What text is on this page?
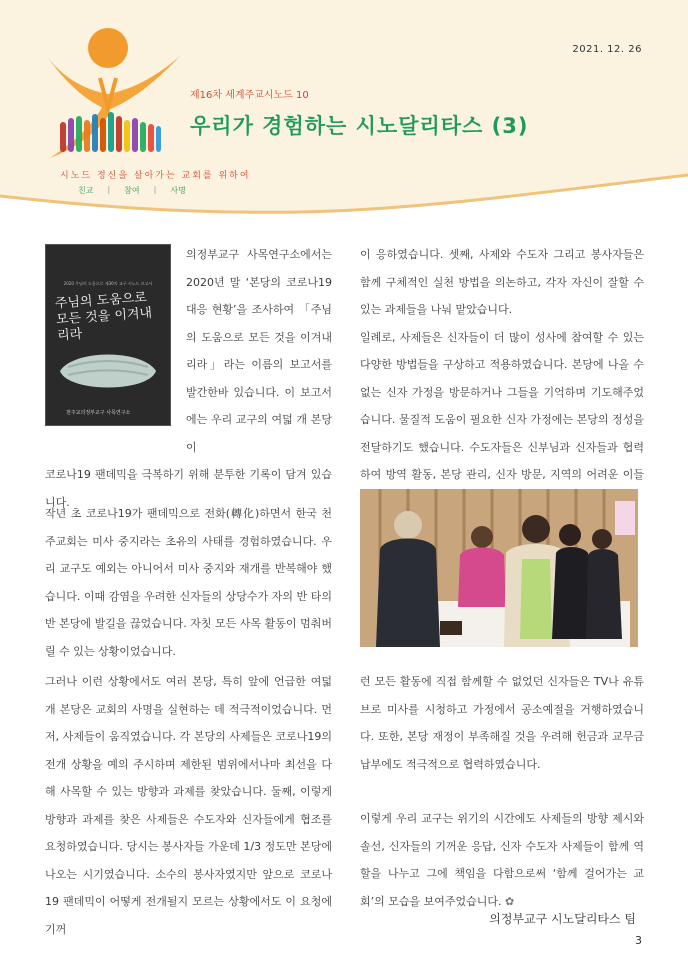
2021. 12. 26
제16차 세계주교시노드 10
우리가 경험하는 시노달리타스 (3)
시노드 정신을 살아가는 교회를 위하여
친교 | 참여 | 사명
2020 주님의 도움으로 제30차 교구 시노드 보고서
주님의 도움으로 모든 것을 이겨내리라
천주교의정부교구 사목연구소

의정부교구 사목연구소에서는 2020년 말 ‘본당의 코로나19 대응 현황’을 조사하여 「주님의 도움으로 모든 것을 이겨내리라」라는 이름의 보고서를 발간한바 있습니다. 이 보고서에는 우리 교구의 여덟 개 본당이

코로나19 팬데믹을 극복하기 위해 분투한 기록이 담겨 있습니다.

작년 초 코로나19가 팬데믹으로 전화(轉化)하면서 한국 천주교회는 미사 중지라는 초유의 사태를 경험하였습니다. 우리 교구도 예외는 아니어서 미사 중지와 재개를 반복해야 했습니다. 이때 감염을 우려한 신자들의 상당수가 자의 반 타의 반 본당에 발길을 끊었습니다. 자칫 모든 사목 활동이 멈춰버릴 수 있는 상황이었습니다.

그러나 이런 상황에서도 여러 본당, 특히 앞에 언급한 여덟 개 본당은 교회의 사명을 실현하는 데 적극적이었습니다. 먼저, 사제들이 움직였습니다. 각 본당의 사제들은 코로나19의 전개 상황을 예의 주시하며 제한된 범위에서나마 최선을 다해 사목할 수 있는 방향과 과제를 찾았습니다. 둘째, 이렇게 방향과 과제를 찾은 사제들은 수도자와 신자들에게 협조를 요청하였습니다. 당시는 봉사자들 가운데 1/3 정도만 본당에 나오는 시기였습니다. 소수의 봉사자였지만 앞으로 코로나19 팬데믹이 어떻게 전개될지 모르는 상황에서도 이 요청에 기꺼

이 응하였습니다. 셋째, 사제와 수도자 그리고 봉사자들은 함께 구체적인 실천 방법을 의논하고, 각자 자신이 잘할 수 있는 과제들을 나눠 맡았습니다.

일례로, 사제들은 신자들이 더 많이 성사에 참여할 수 있는 다양한 방법들을 구상하고 적용하였습니다. 본당에 나올 수 없는 신자 가정을 방문하거나 그들을 기억하며 기도해주었습니다. 물질적 도움이 필요한 신자 가정에는 본당의 정성을 전달하기도 했습니다. 수도자들은 신부님과 신자들과 협력하여 방역 활동, 본당 관리, 신자 방문, 지역의 어려운 이들

런 모든 활동에 직접 함께할 수 없었던 신자들은 TV나 유튜브로 미사를 시청하고 가정에서 공소예절을 거행하였습니다. 또한, 본당 재정이 부족해질 것을 우려해 헌금과 교무금 납부에도 적극적으로 협력하였습니다.

이렇게 우리 교구는 위기의 시간에도 사제들의 방향 제시와 솔선, 신자들의 기꺼운 응답, 신자 수도자 사제들이 함께 역할을 나누고 그에 책임을 다함으로써 ‘함께 걸어가는 교회’의 모습을 보여주었습니다. ✿

의정부교구 시노달리타스 팀
3
